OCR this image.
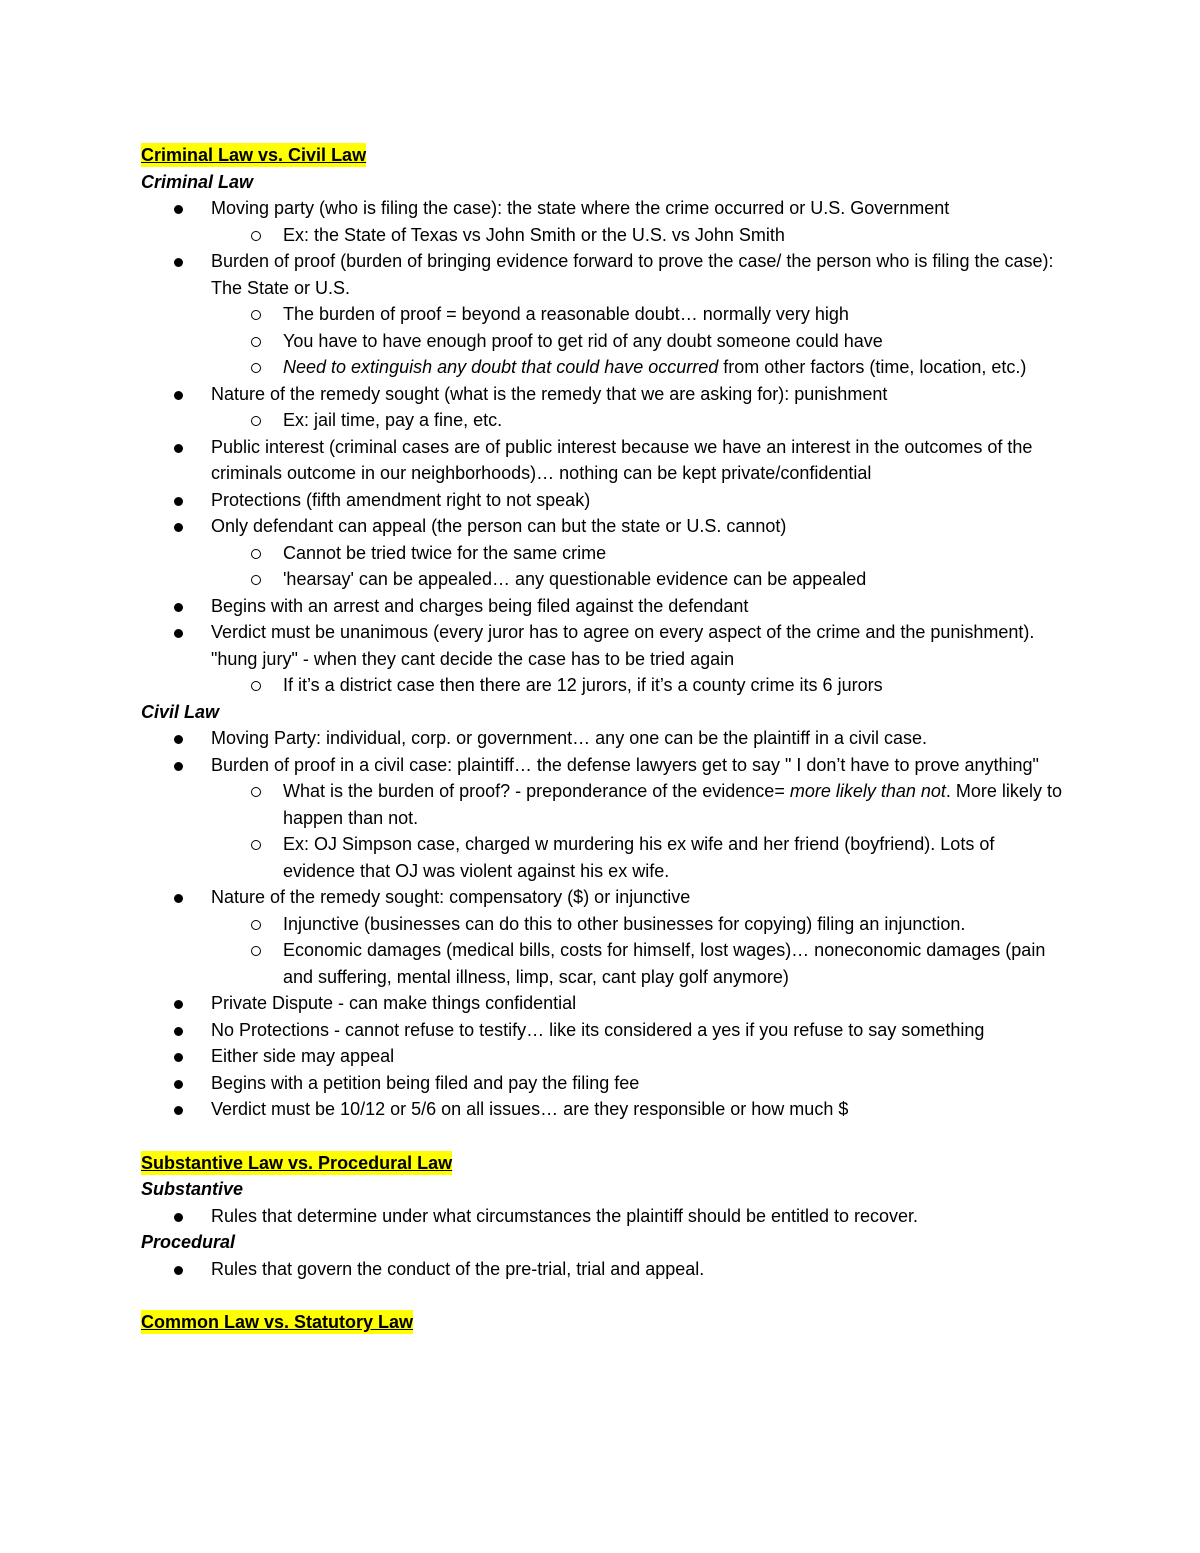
Criminal Law vs. Civil Law
Criminal Law
Moving party (who is filing the case): the state where the crime occurred or U.S. Government
Ex: the State of Texas vs John Smith or the U.S. vs John Smith
Burden of proof (burden of bringing evidence forward to prove the case/ the person who is filing the case): The State or U.S.
The burden of proof = beyond a reasonable doubt… normally very high
You have to have enough proof to get rid of any doubt someone could have
Need to extinguish any doubt that could have occurred from other factors (time, location, etc.)
Nature of the remedy sought (what is the remedy that we are asking for): punishment
Ex: jail time, pay a fine, etc.
Public interest (criminal cases are of public interest because we have an interest in the outcomes of the criminals outcome in our neighborhoods)… nothing can be kept private/confidential
Protections (fifth amendment right to not speak)
Only defendant can appeal (the person can but the state or U.S. cannot)
Cannot be tried twice for the same crime
'hearsay' can be appealed… any questionable evidence can be appealed
Begins with an arrest and charges being filed against the defendant
Verdict must be unanimous (every juror has to agree on every aspect of the crime and the punishment). "hung jury" - when they cant decide the case has to be tried again
If it’s a district case then there are 12 jurors, if it’s a county crime its 6 jurors
Civil Law
Moving Party: individual, corp. or government… any one can be the plaintiff in a civil case.
Burden of proof in a civil case: plaintiff… the defense lawyers get to say " I don’t have to prove anything"
What is the burden of proof? - preponderance of the evidence= more likely than not. More likely to happen than not.
Ex: OJ Simpson case, charged w murdering his ex wife and her friend (boyfriend). Lots of evidence that OJ was violent against his ex wife.
Nature of the remedy sought: compensatory ($) or injunctive
Injunctive (businesses can do this to other businesses for copying) filing an injunction.
Economic damages (medical bills, costs for himself, lost wages)… noneconomic damages (pain and suffering, mental illness, limp, scar, cant play golf anymore)
Private Dispute - can make things confidential
No Protections - cannot refuse to testify… like its considered a yes if you refuse to say something
Either side may appeal
Begins with a petition being filed and pay the filing fee
Verdict must be 10/12 or 5/6 on all issues… are they responsible or how much $
Substantive Law vs. Procedural Law
Substantive
Rules that determine under what circumstances the plaintiff should be entitled to recover.
Procedural
Rules that govern the conduct of the pre-trial, trial and appeal.
Common Law vs. Statutory Law
